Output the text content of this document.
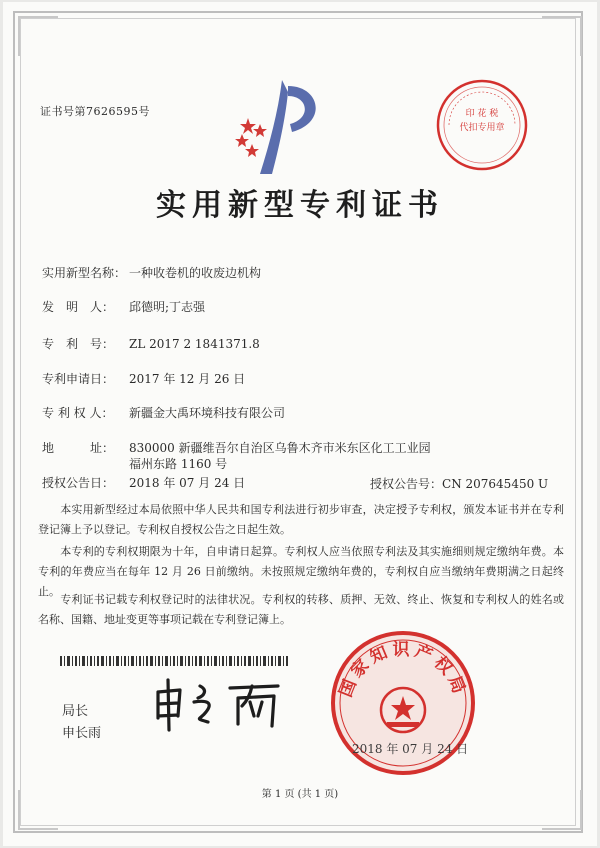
证书号第7626595号	印 花 税
代扣专用章
实用新型专利证书
实用新型名称： 一种收卷机的收废边机构
发　明　人： 邱德明;丁志强
专　利　号： ZL 2017 2 1841371.8
专利申请日： 2017 年 12 月 26 日
专 利 权 人： 新疆金大禹环境科技有限公司
地　　　址： 830000 新疆维吾尔自治区乌鲁木齐市米东区化工工业园
福州东路 1160 号
授权公告日： 2018 年 07 月 24 日	授权公告号：CN 207645450 U
本实用新型经过本局依照中华人民共和国专利法进行初步审查，决定授予专利权，颁发本证书并在专利登记簿上予以登记。专利权自授权公告之日起生效。
本专利的专利权期限为十年，自申请日起算。专利权人应当依照专利法及其实施细则规定缴纳年费。本专利的年费应当在每年 12 月 26 日前缴纳。未按照规定缴纳年费的，专利权自应当缴纳年费期满之日起终止。
专利证书记载专利权登记时的法律状况。专利权的转移、质押、无效、终止、恢复和专利权人的姓名或名称、国籍、地址变更等事项记载在专利登记簿上。
局长
申长雨
国家知识产权局
2018 年 07 月 24 日
第 1 页 (共 1 页)
